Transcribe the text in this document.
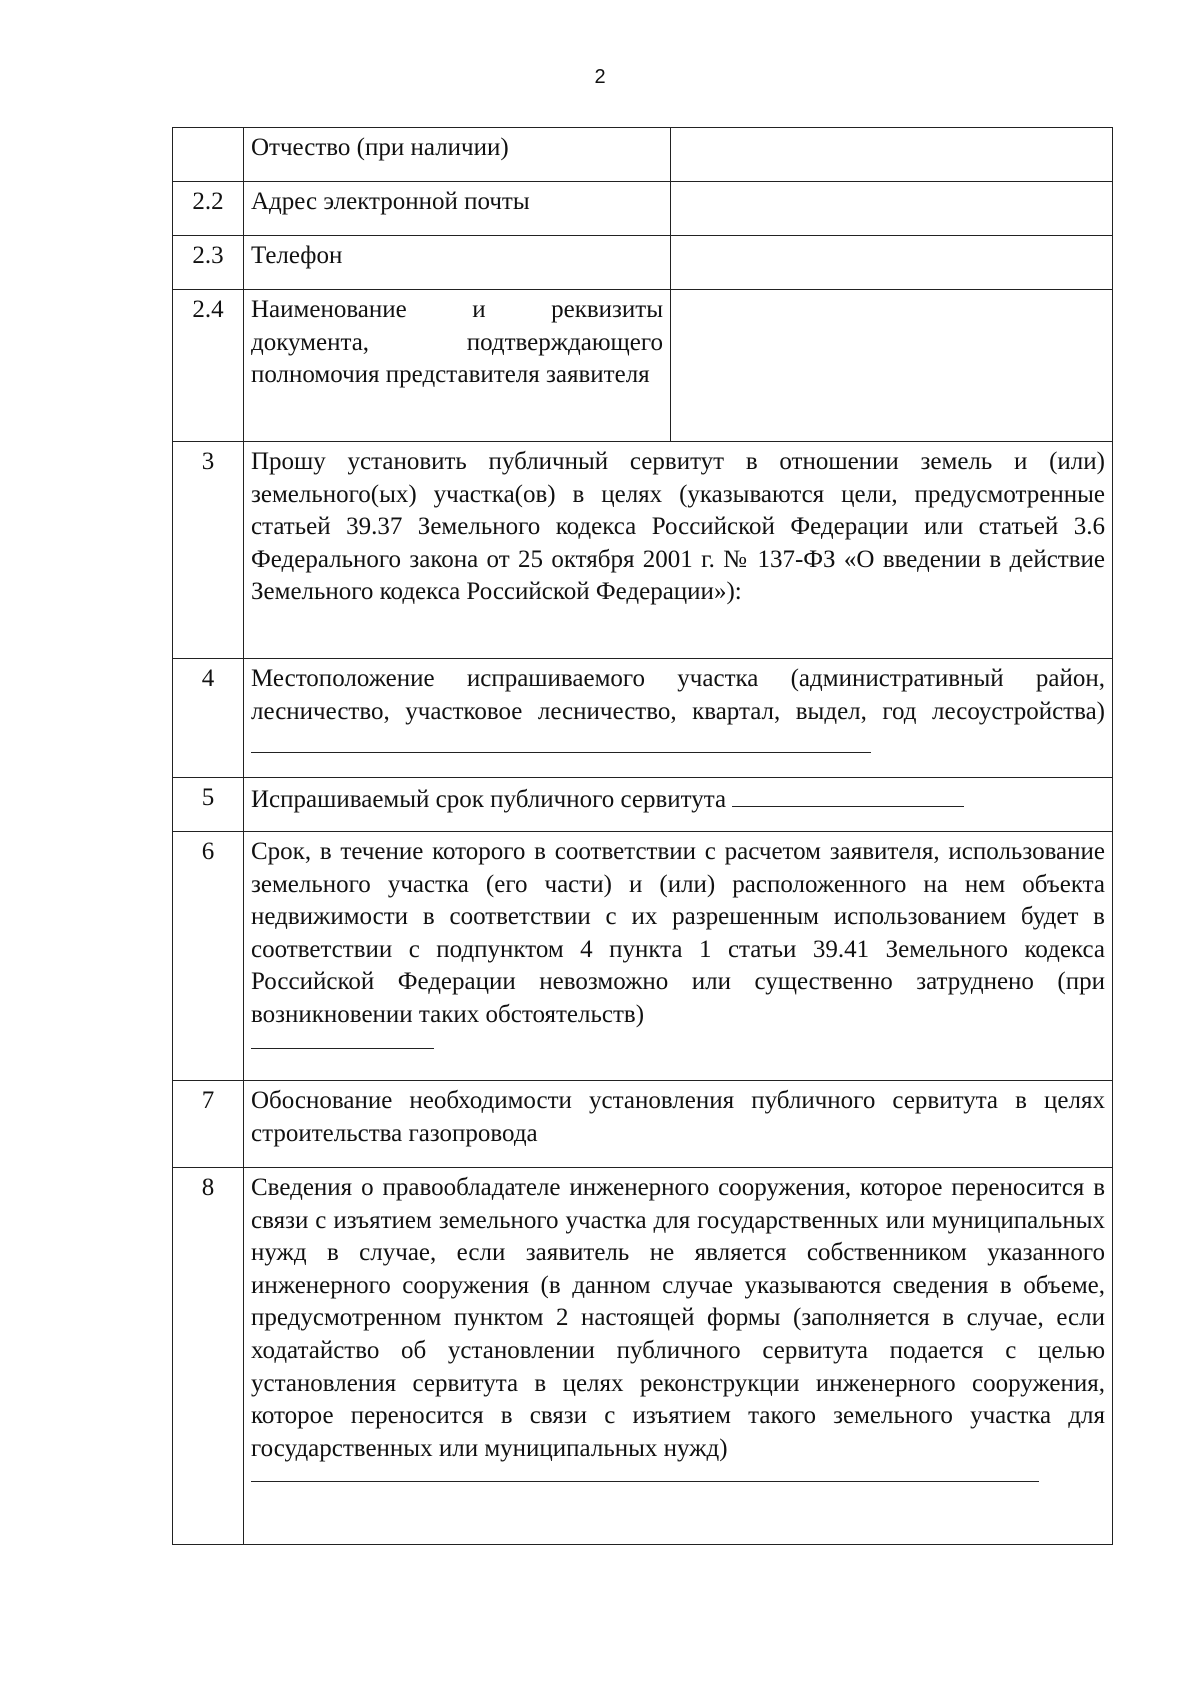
2
	Отчество (при наличии)	
2.2	Адрес электронной почты	
2.3	Телефон	
2.4	Наименование и реквизиты документа, подтверждающего полномочия представителя заявителя	
3	Прошу установить публичный сервитут в отношении земель и (или) земельного(ых) участка(ов) в целях (указываются цели, предусмотренные статьей 39.37 Земельного кодекса Российской Федерации или статьей 3.6 Федерального закона от 25 октября 2001 г. № 137-ФЗ «О введении в действие Земельного кодекса Российской Федерации»):	
4	Местоположение испрашиваемого участка (административный район, лесничество, участковое лесничество, квартал, выдел, год лесоустройства)	
5	Испрашиваемый срок публичного сервитута	
6	Срок, в течение которого в соответствии с расчетом заявителя, использование земельного участка (его части) и (или) расположенного на нем объекта недвижимости в соответствии с их разрешенным использованием будет в соответствии с подпунктом 4 пункта 1 статьи 39.41 Земельного кодекса Российской Федерации невозможно или существенно затруднено (при возникновении таких обстоятельств)	

7	Обоснование необходимости установления публичного сервитута в целях строительства газопровода	
8	Сведения о правообладателе инженерного сооружения, которое переносится в связи с изъятием земельного участка для государственных или муниципальных нужд в случае, если заявитель не является собственником указанного инженерного сооружения (в данном случае указываются сведения в объеме, предусмотренном пунктом 2 настоящей формы (заполняется в случае, если ходатайство об установлении публичного сервитута подается с целью установления сервитута в целях реконструкции инженерного сооружения, которое переносится в связи с изъятием такого земельного участка для государственных или муниципальных нужд)	
